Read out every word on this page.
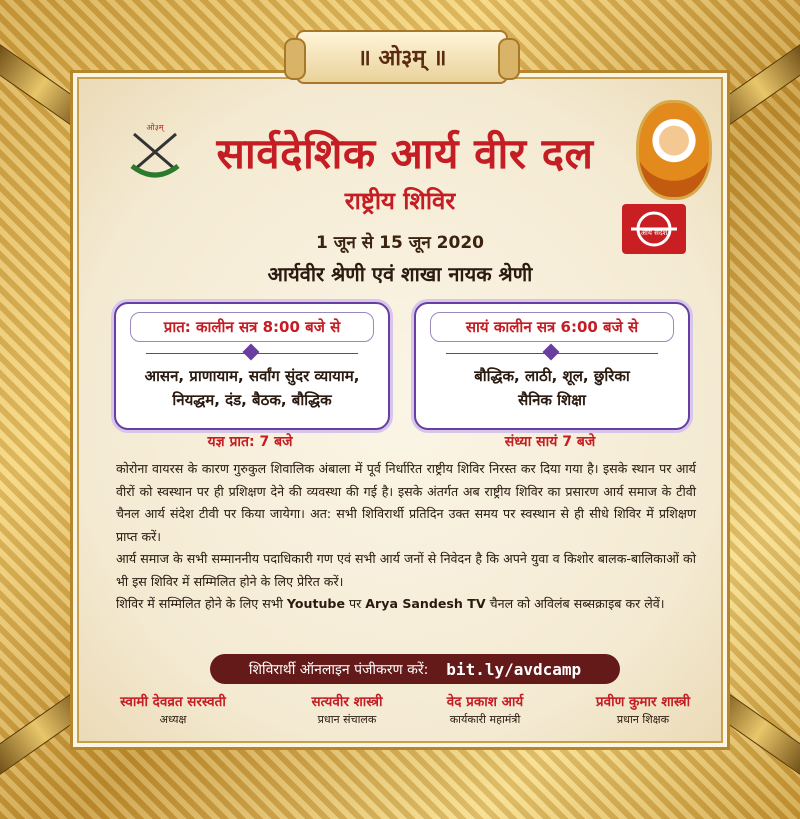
॥ ओ३म् ॥
ओ३म्
सार्वदेशिक आर्य वीर दल
राष्ट्रीय शिविर
आर्य संदेश
1 जून से 15 जून 2020
आर्यवीर श्रेणी एवं शाखा नायक श्रेणी
प्रात: कालीन सत्र 8:00 बजे से
आसन, प्राणायाम, सर्वांग सुंदर व्यायाम,
नियद्धम, दंड, बैठक, बौद्धिक
सायं कालीन सत्र 6:00 बजे से
बौद्धिक, लाठी, शूल, छुरिका
सैनिक शिक्षा
यज्ञ प्रात: 7 बजे	संध्या सायं 7 बजे

कोरोना वायरस के कारण गुरुकुल शिवालिक अंबाला में पूर्व निर्धारित राष्ट्रीय शिविर निरस्त कर दिया गया है। इसके स्थान पर आर्य वीरों को स्वस्थान पर ही प्रशिक्षण देने की व्यवस्था की गई है। इसके अंतर्गत अब राष्ट्रीय शिविर का प्रसारण आर्य समाज के टीवी चैनल आर्य संदेश टीवी पर किया जायेगा। अत: सभी शिविरार्थी प्रतिदिन उक्त समय पर स्वस्थान से ही सीधे शिविर में प्रशिक्षण प्राप्त करें।

आर्य समाज के सभी सम्माननीय पदाधिकारी गण एवं सभी आर्य जनों से निवेदन है कि अपने युवा व किशोर बालक-बालिकाओं को भी इस शिविर में सम्मिलित होने के लिए प्रेरित करें।

शिविर में सम्मिलित होने के लिए सभी Youtube पर Arya Sandesh TV चैनल को अविलंब सब्सक्राइब कर लेवें।

शिविरार्थी ऑनलाइन पंजीकरण करें: bit.ly/avdcamp
स्वामी देवव्रत सरस्वती
अध्यक्ष
सत्यवीर शास्त्री
प्रधान संचालक
वेद प्रकाश आर्य
कार्यकारी महामंत्री
प्रवीण कुमार शास्त्री
प्रधान शिक्षक
